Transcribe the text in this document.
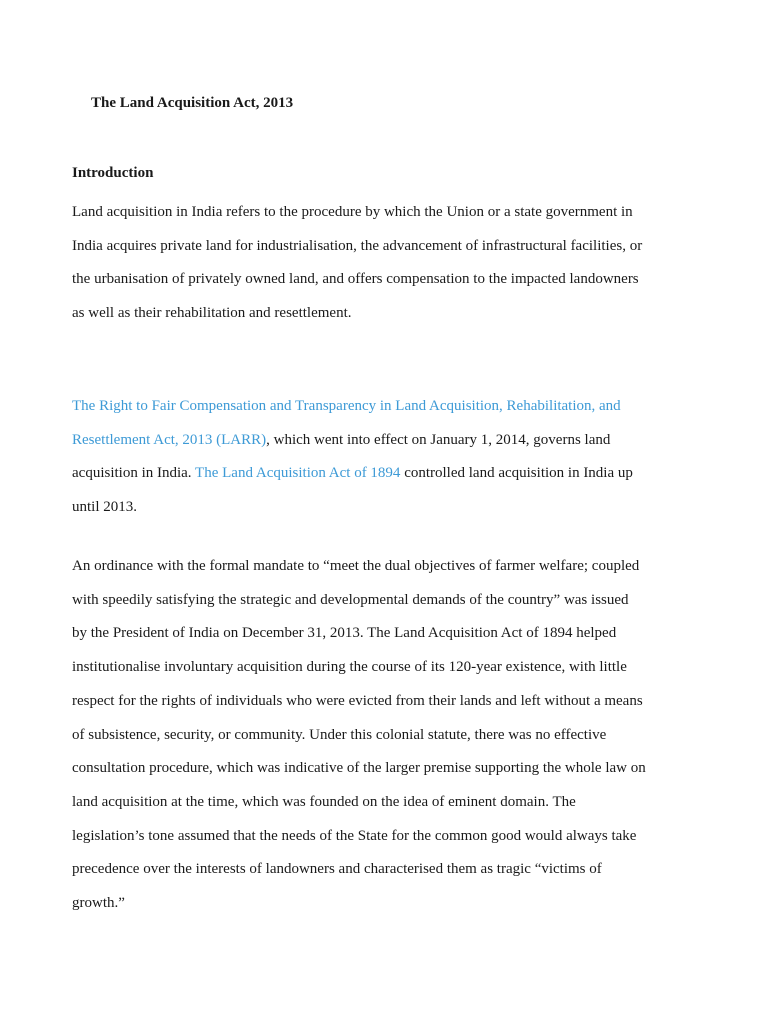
The Land Acquisition Act, 2013
Introduction

Land acquisition in India refers to the procedure by which the Union or a state government in
India acquires private land for industrialisation, the advancement of infrastructural facilities, or
the urbanisation of privately owned land, and offers compensation to the impacted landowners
as well as their rehabilitation and resettlement.

The Right to Fair Compensation and Transparency in Land Acquisition, Rehabilitation, and
Resettlement Act, 2013 (LARR), which went into effect on January 1, 2014, governs land
acquisition in India. The Land Acquisition Act of 1894 controlled land acquisition in India up
until 2013.

An ordinance with the formal mandate to “meet the dual objectives of farmer welfare; coupled
with speedily satisfying the strategic and developmental demands of the country” was issued
by the President of India on December 31, 2013. The Land Acquisition Act of 1894 helped
institutionalise involuntary acquisition during the course of its 120-year existence, with little
respect for the rights of individuals who were evicted from their lands and left without a means
of subsistence, security, or community. Under this colonial statute, there was no effective
consultation procedure, which was indicative of the larger premise supporting the whole law on
land acquisition at the time, which was founded on the idea of eminent domain. The
legislation’s tone assumed that the needs of the State for the common good would always take
precedence over the interests of landowners and characterised them as tragic “victims of
growth.”
